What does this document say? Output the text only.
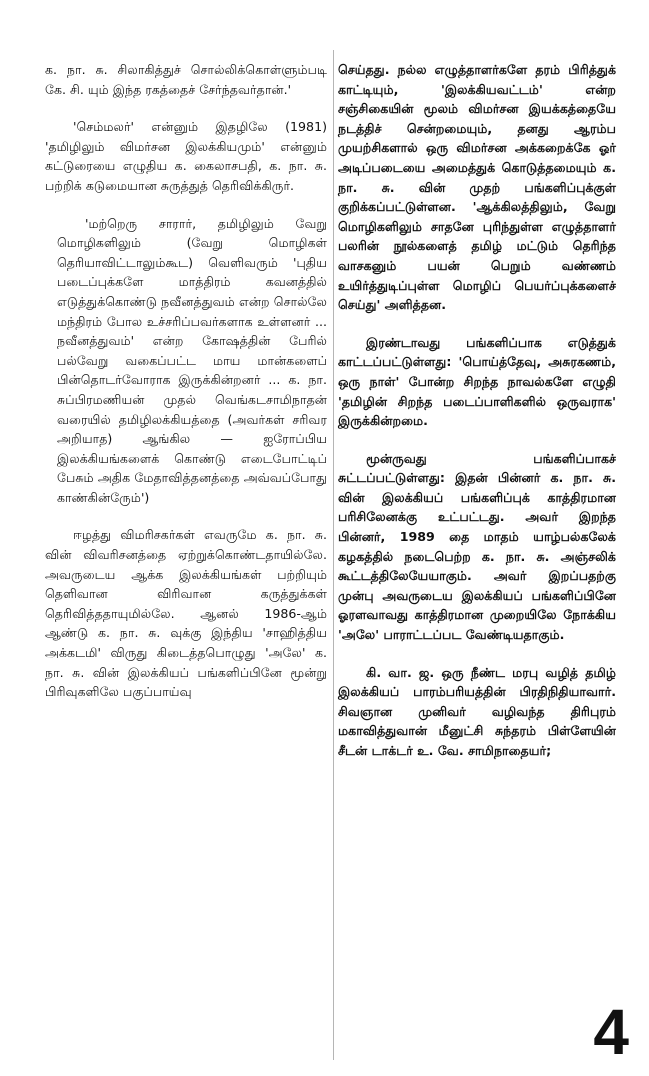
க. நா. சு. சிலாகித்துச் சொல்லிக்கொள்ளும்படி கே. சி. யும் இந்த ரகத்தைச் சேர்ந்தவர்தான்.'

'செம்மலர்' என்னும் இதழிலே (1981) 'தமிழிலும் விமர்சன இலக்கியமும்' என்னும் கட்டுரையை எழுதிய க. கைலாசபதி, க. நா. சு. பற்றிக் கடுமையான சுருத்துத் தெரிவிக்கிருர்.

'மற்றெரு சாரார், தமிழிலும் வேறு மொழிகளிலும் (வேறு மொழிகள் தெரியாவிட்டாலும்கூட) வெளிவரும் 'புதிய படைப்புக்களே மாத்திரம் கவனத்தில் எடுத்துக்கொண்டு நவீனத்துவம் என்ற சொல்லே மந்திரம் போல உச்சரிப்பவர்களாக உள்ளனர் ... நவீனத்துவம்' என்ற கோஷத்தின் பேரில் பல்வேறு வகைப்பட்ட மாய மான்களைப் பின்தொடர்வோராக இருக்கின்றனர் ... க. நா. சுப்பிரமணியன் முதல் வெங்கடசாமிநாதன் வரையில் தமிழிலக்கியத்தை (அவர்கள் சரிவர அறியாத) ஆங்கில — ஐரோப்பிய இலக்கியங்களைக் கொண்டு எடைபோட்டிப் பேசும் அதிக மேதாவித்தனத்தை அவ்வப்போது காண்கின்ருேம்')

ஈழத்து விமரிசகர்கள் எவருமே க. நா. சு. வின் விவரிசனத்தை ஏற்றுக்கொண்டதாயில்லே. அவருடைய ஆக்க இலக்கியங்கள் பற்றியும் தெளிவான விரிவான கருத்துக்கள் தெரிவித்ததாயுமில்லே. ஆனல் 1986-ஆம் ஆண்டு க. நா. சு. வுக்கு இந்திய 'சாஹித்திய அக்கடமி' விருது கிடைத்தபொழுது 'அலே' க. நா. சு. வின் இலக்கியப் பங்களிப்பினே மூன்று பிரிவுகளிலே பகுப்பாய்வு

செய்தது. நல்ல எழுத்தாளர்களே தரம் பிரித்துக் காட்டியும், 'இலக்கியவட்டம்' என்ற சஞ்சிகையின் மூலம் விமர்சன இயக்கத்தையே நடத்திச் சென்றமையும், தனது ஆரம்ப முயற்சிகளால் ஒரு விமர்சன அக்கறைக்கே ஓர் அடிப்படையை அமைத்துக் கொடுத்தமையும் க. நா. சு. வின் முதற் பங்களிப்புக்குள் குறிக்கப்பட்டுள்ளன. 'ஆக்கிலத்திலும், வேறு மொழிகளிலும் சாதனே புரிந்துள்ள எழுத்தாளர் பலரின் நூல்களைத் தமிழ் மட்டும் தெரிந்த வாசகனும் பயன் பெறும் வண்ணம் உயிர்த்துடிப்புள்ள மொழிப் பெயர்ப்புக்களைச் செய்து' அளித்தன.

இரண்டாவது பங்களிப்பாக எடுத்துக் காட்டப்பட்டுள்ளது: 'பொய்த்தேவு, அசுரகணம், ஒரு நாள்' போன்ற சிறந்த நாவல்களே எழுதி 'தமிழின் சிறந்த படைப்பாளிகளில் ஒருவராக' இருக்கின்றமை.

மூன்ருவது பங்களிப்பாகச் சுட்டப்பட்டுள்ளது: இதன் பின்னர் க. நா. சு. வின் இலக்கியப் பங்களிப்புக் காத்திரமான பரிசிலேனக்கு உட்பட்டது. அவர் இறந்த பின்னர், 1989 தை மாதம் யாழ்பல்கலேக் கழகத்தில் நடைபெற்ற க. நா. சு. அஞ்சலிக் கூட்டத்திலேயேயாகும். அவர் இறப்பதற்கு முன்பு அவருடைய இலக்கியப் பங்களிப்பினே ஓரளவாவது காத்திரமான முறையிலே நோக்கிய 'அலே' பாராட்டப்பட வேண்டியதாகும்.

கி. வா. ஜ. ஒரு நீண்ட மரபு வழித் தமிழ் இலக்கியப் பாரம்பரியத்தின் பிரதிநிதியாவார். சிவஞான முனிவர் வழிவந்த திரிபுரம் மகாவித்துவான் மீனுட்சி சுந்தரம் பிள்ளேயின் சீடன் டாக்டர் உ. வே. சாமிநாதையர்;

4
